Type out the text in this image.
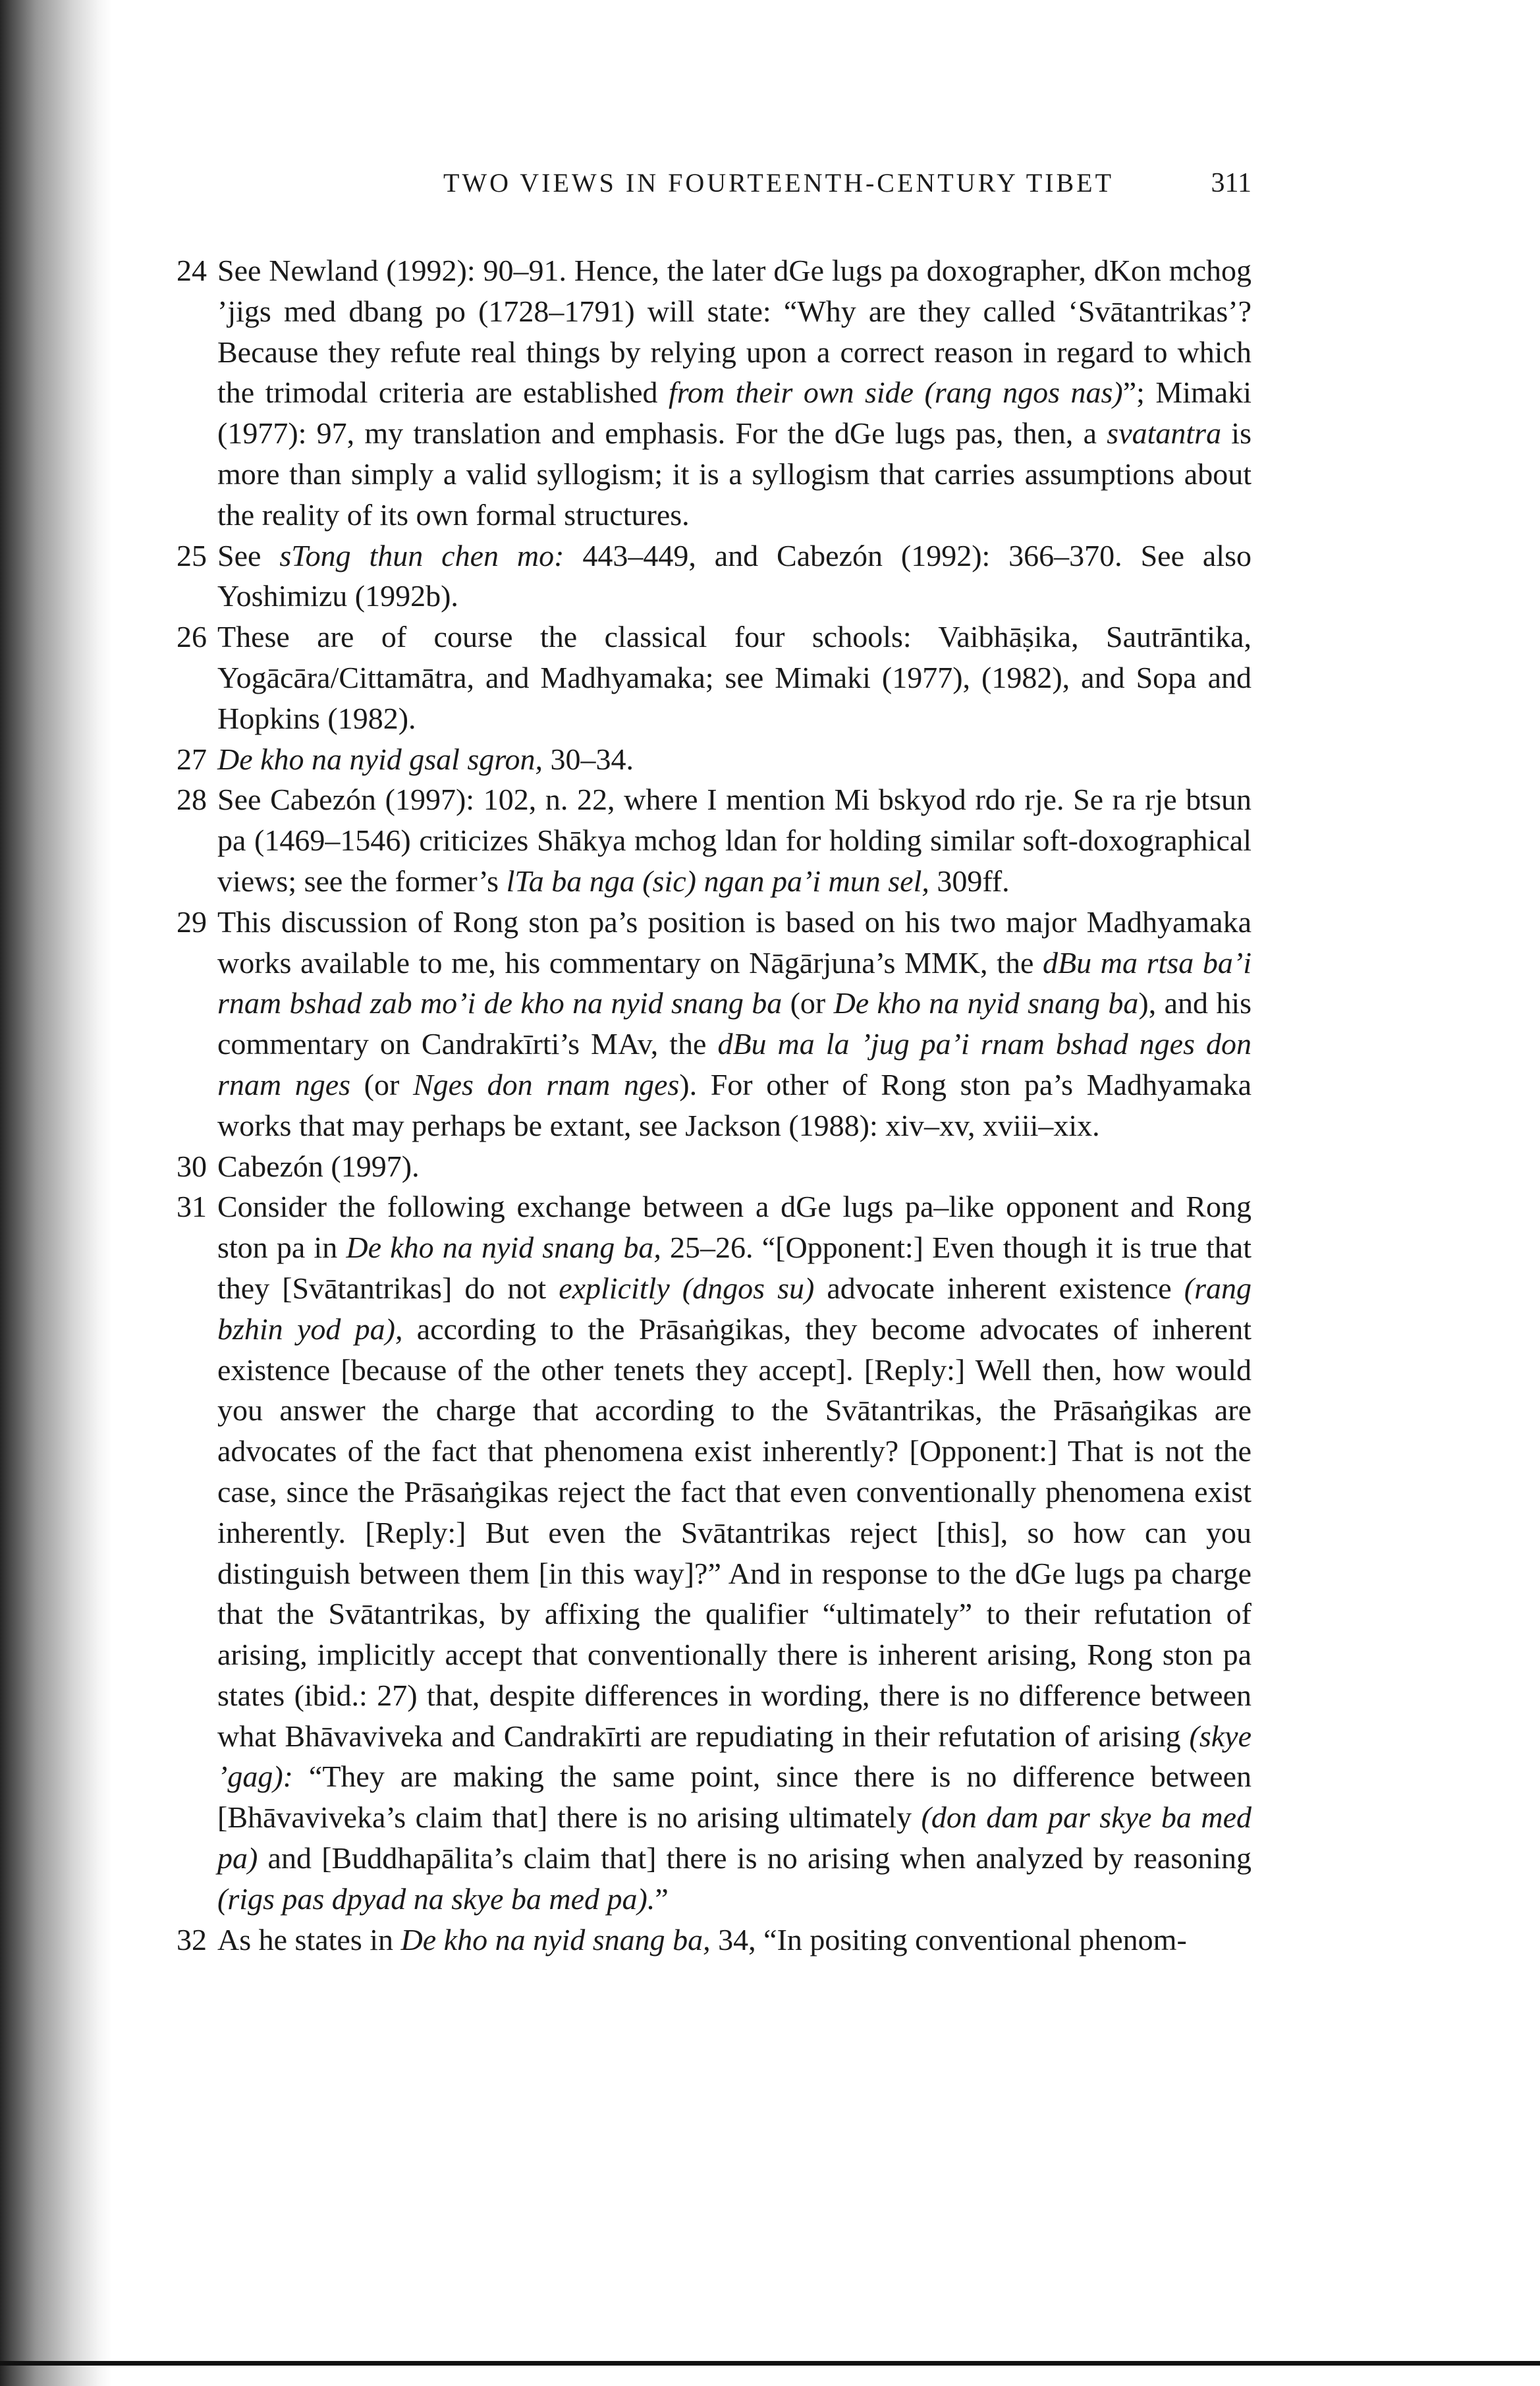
TWO VIEWS IN FOURTEENTH-CENTURY TIBET	311

24 See Newland (1992): 90–91. Hence, the later dGe lugs pa doxographer, dKon mchog ’jigs med dbang po (1728–1791) will state: “Why are they called ‘Svātantrikas’? Because they refute real things by relying upon a correct reason in regard to which the trimodal criteria are established from their own side (rang ngos nas)”; Mimaki (1977): 97, my translation and emphasis. For the dGe lugs pas, then, a svatantra is more than simply a valid syllogism; it is a syllogism that carries assumptions about the reality of its own formal structures.

25 See sTong thun chen mo: 443–449, and Cabezón (1992): 366–370. See also Yoshimizu (1992b).

26 These are of course the classical four schools: Vaibhāṣika, Sautrāntika, Yogācāra/Cittamātra, and Madhyamaka; see Mimaki (1977), (1982), and Sopa and Hopkins (1982).

27 De kho na nyid gsal sgron, 30–34.

28 See Cabezón (1997): 102, n. 22, where I mention Mi bskyod rdo rje. Se ra rje btsun pa (1469–1546) criticizes Shākya mchog ldan for holding similar soft-doxographical views; see the former’s lTa ba nga (sic) ngan pa’i mun sel, 309ff.

29 This discussion of Rong ston pa’s position is based on his two major Madhyamaka works available to me, his commentary on Nāgārjuna’s MMK, the dBu ma rtsa ba’i rnam bshad zab mo’i de kho na nyid snang ba (or De kho na nyid snang ba), and his commentary on Candrakīrti’s MAv, the dBu ma la ’jug pa’i rnam bshad nges don rnam nges (or Nges don rnam nges). For other of Rong ston pa’s Madhyamaka works that may perhaps be extant, see Jackson (1988): xiv–xv, xviii–xix.

30 Cabezón (1997).

31 Consider the following exchange between a dGe lugs pa–like opponent and Rong ston pa in De kho na nyid snang ba, 25–26. “[Opponent:] Even though it is true that they [Svātantrikas] do not explicitly (dngos su) advocate inherent existence (rang bzhin yod pa), according to the Prāsaṅgikas, they become advocates of inherent existence [because of the other tenets they accept]. [Reply:] Well then, how would you answer the charge that according to the Svātantrikas, the Prāsaṅgikas are advocates of the fact that phenomena exist inherently? [Opponent:] That is not the case, since the Prāsaṅgikas reject the fact that even conventionally phenomena exist inherently. [Reply:] But even the Svātantrikas reject [this], so how can you distinguish between them [in this way]?” And in response to the dGe lugs pa charge that the Svātantrikas, by affixing the qualifier “ultimately” to their refutation of arising, implicitly accept that conventionally there is inherent arising, Rong ston pa states (ibid.: 27) that, despite differences in wording, there is no difference between what Bhāvaviveka and Candrakīrti are repudiating in their refutation of arising (skye ’gag): “They are making the same point, since there is no difference between [Bhāvaviveka’s claim that] there is no arising ultimately (don dam par skye ba med pa) and [Buddhapālita’s claim that] there is no arising when analyzed by reasoning (rigs pas dpyad na skye ba med pa).”

32 As he states in De kho na nyid snang ba, 34, “In positing conventional phenom-
